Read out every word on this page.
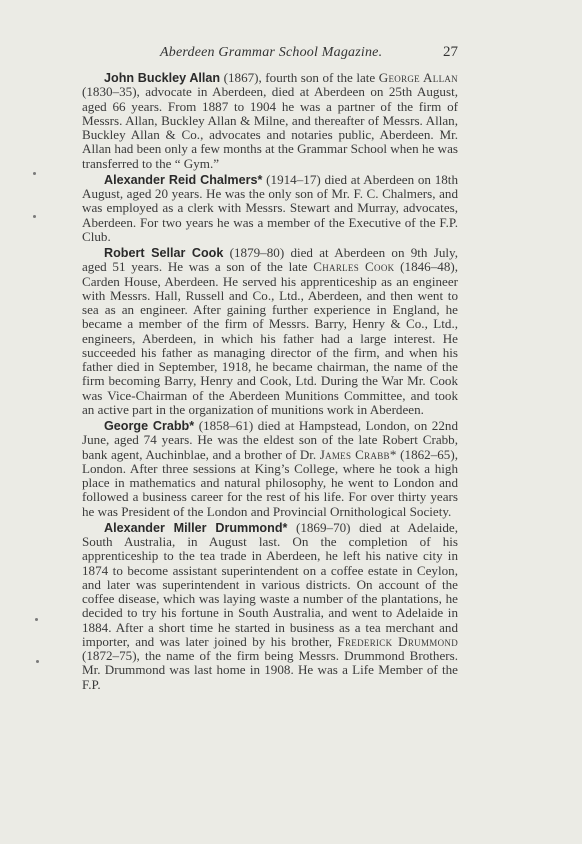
Aberdeen Grammar School Magazine.	27

John Buckley Allan (1867), fourth son of the late George Allan (1830–35), advocate in Aberdeen, died at Aberdeen on 25th August, aged 66 years. From 1887 to 1904 he was a partner of the firm of Messrs. Allan, Buckley Allan & Milne, and thereafter of Messrs. Allan, Buckley Allan & Co., advocates and notaries public, Aberdeen. Mr. Allan had been only a few months at the Grammar School when he was transferred to the “ Gym.”

Alexander Reid Chalmers* (1914–17) died at Aberdeen on 18th August, aged 20 years. He was the only son of Mr. F. C. Chalmers, and was employed as a clerk with Messrs. Stewart and Murray, advocates, Aberdeen. For two years he was a member of the Executive of the F.P. Club.

Robert Sellar Cook (1879–80) died at Aberdeen on 9th July, aged 51 years. He was a son of the late Charles Cook (1846–48), Carden House, Aberdeen. He served his apprenticeship as an engineer with Messrs. Hall, Russell and Co., Ltd., Aberdeen, and then went to sea as an engineer. After gaining further experience in England, he became a member of the firm of Messrs. Barry, Henry & Co., Ltd., engineers, Aberdeen, in which his father had a large interest. He succeeded his father as managing director of the firm, and when his father died in September, 1918, he became chairman, the name of the firm becoming Barry, Henry and Cook, Ltd. During the War Mr. Cook was Vice-Chairman of the Aberdeen Munitions Committee, and took an active part in the organization of munitions work in Aberdeen.

George Crabb* (1858–61) died at Hampstead, London, on 22nd June, aged 74 years. He was the eldest son of the late Robert Crabb, bank agent, Auchinblae, and a brother of Dr. James Crabb* (1862–65), London. After three sessions at King’s College, where he took a high place in mathematics and natural philosophy, he went to London and followed a business career for the rest of his life. For over thirty years he was President of the London and Provincial Ornithological Society.

Alexander Miller Drummond* (1869–70) died at Adelaide, South Australia, in August last. On the completion of his apprenticeship to the tea trade in Aberdeen, he left his native city in 1874 to become assistant superintendent on a coffee estate in Ceylon, and later was superintendent in various districts. On account of the coffee disease, which was laying waste a number of the plantations, he decided to try his fortune in South Australia, and went to Adelaide in 1884. After a short time he started in business as a tea merchant and importer, and was later joined by his brother, Frederick Drummond (1872–75), the name of the firm being Messrs. Drummond Brothers. Mr. Drummond was last home in 1908. He was a Life Member of the F.P.
